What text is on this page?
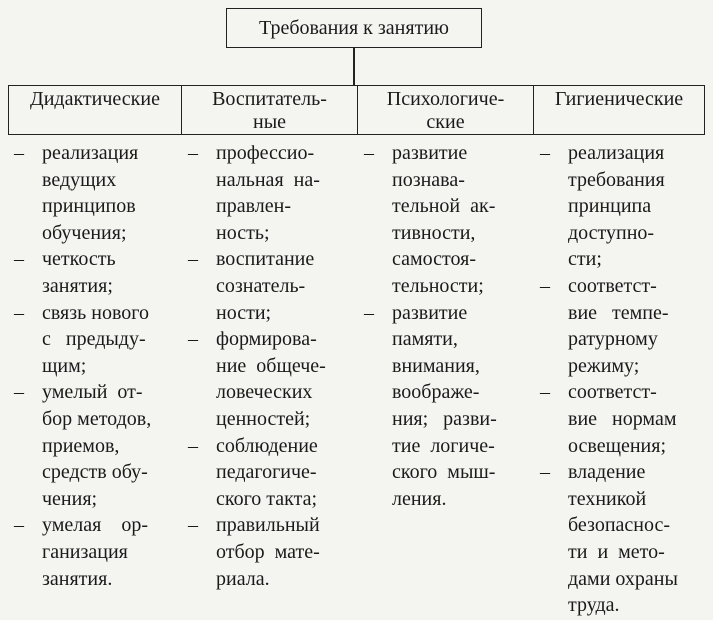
Требования к занятию
Дидактические	Воспитатель-
ные
Психологиче-
ские
Гигиенические
– реализация
ведущих
принципов
обучения;
– четкость
занятия;
– связь нового
с   предыду-
щим;
– умелый  от-
бор методов,
приемов,
средств обу-
чения;
– умелая    ор-
ганизация
занятия.
– профессио-
нальная  на-
правлен-
ность;
– воспитание
сознатель-
ности;
– формирова-
ние  общече-
ловеческих
ценностей;
– соблюдение
педагогиче-
ского такта;
– правильный
отбор  мате-
риала.
– развитие
познава-
тельной  ак-
тивности,
самостоя-
тельности;
– развитие
памяти,
внимания,
воображе-
ния;   разви-
тие  логиче-
ского  мыш-
ления.
– реализация
требования
принципа
доступно-
сти;
– соответст-
вие   темпе-
ратурному
режиму;
– соответст-
вие   нормам
освещения;
– владение
техникой
безопаснос-
ти  и  мето-
дами охраны
труда.
